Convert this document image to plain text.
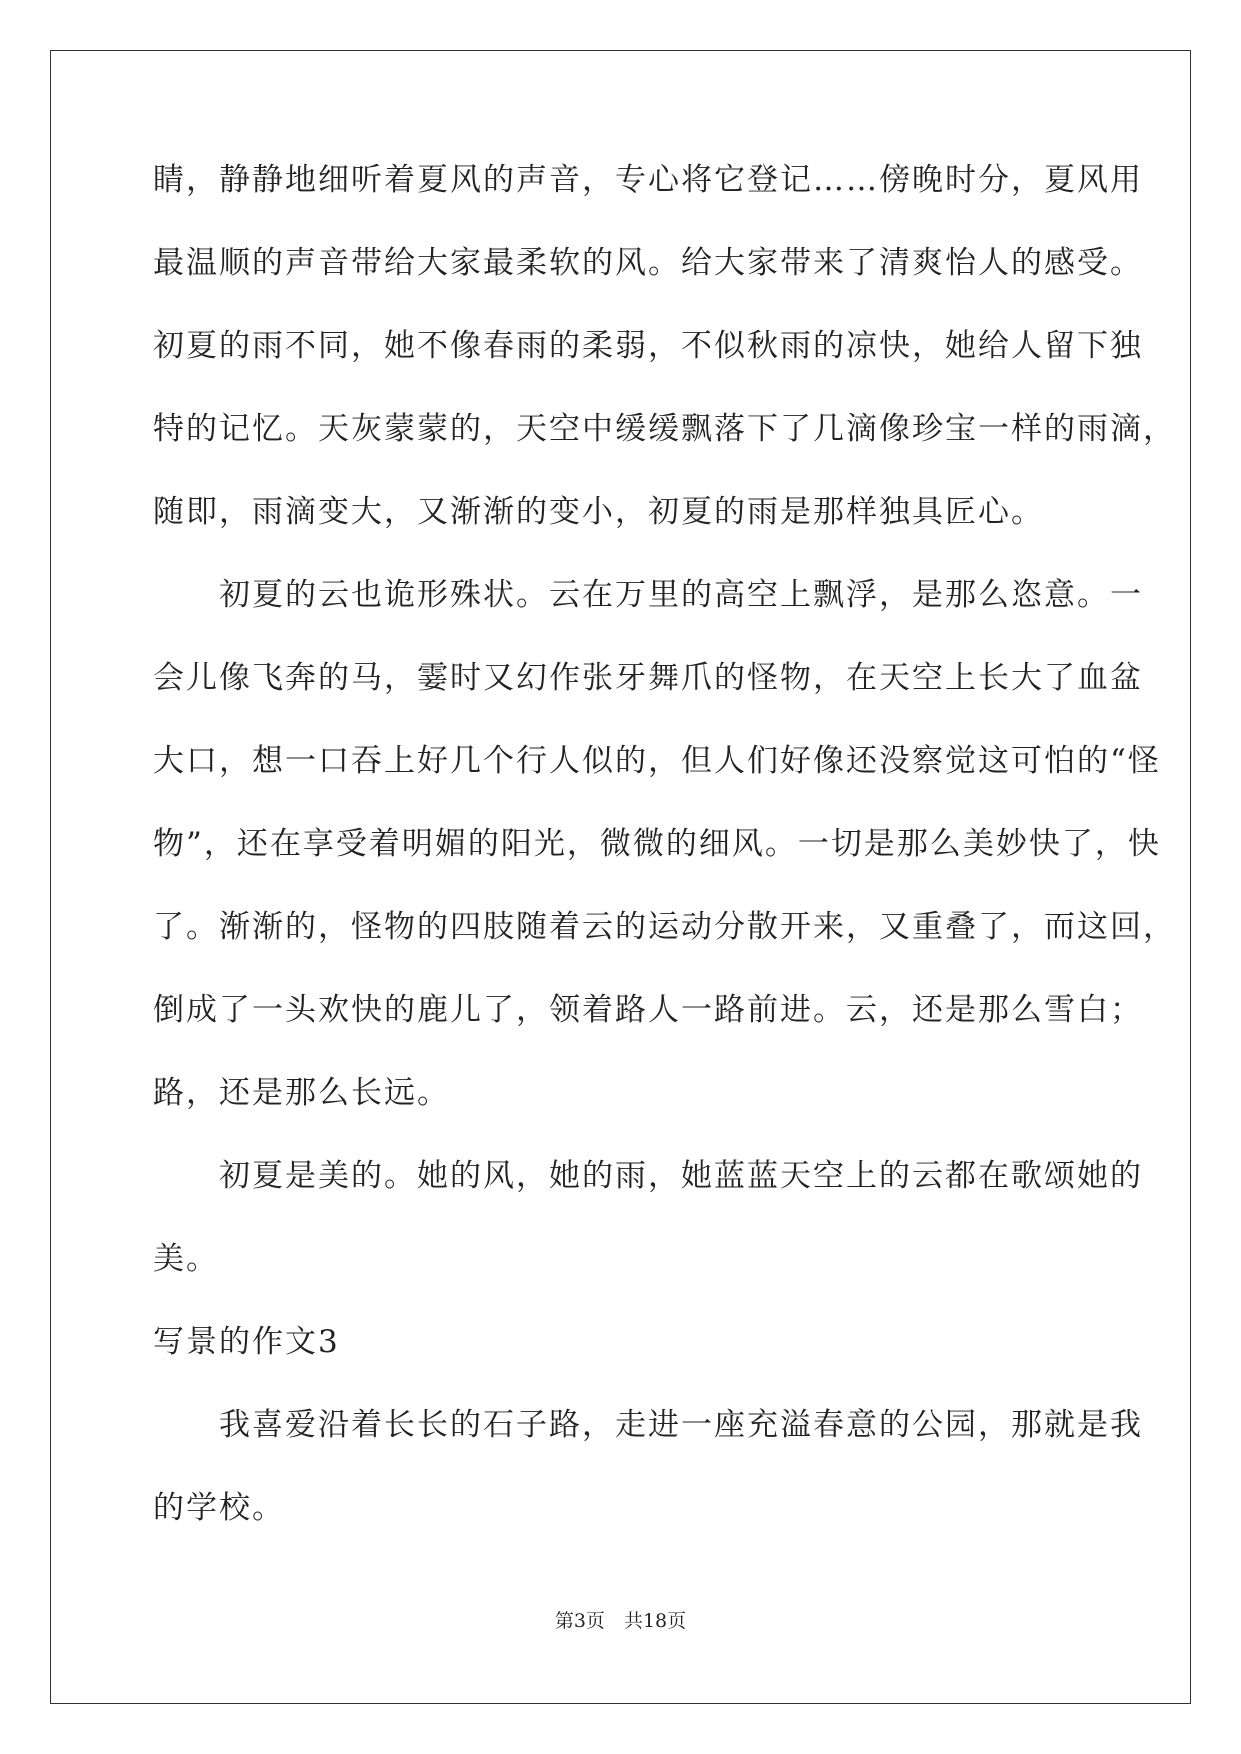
睛，静静地细听着夏风的声音，专心将它登记……傍晚时分，夏风用
最温顺的声音带给大家最柔软的风。给大家带来了清爽怡人的感受。
初夏的雨不同，她不像春雨的柔弱，不似秋雨的凉快，她给人留下独
特的记忆。天灰蒙蒙的，天空中缓缓飘落下了几滴像珍宝一样的雨滴，
随即，雨滴变大，又渐渐的变小，初夏的雨是那样独具匠心。
　　初夏的云也诡形殊状。云在万里的高空上飘浮，是那么恣意。一
会儿像飞奔的马，霎时又幻作张牙舞爪的怪物，在天空上长大了血盆
大口，想一口吞上好几个行人似的，但人们好像还没察觉这可怕的“怪
物”，还在享受着明媚的阳光，微微的细风。一切是那么美妙快了，快
了。渐渐的，怪物的四肢随着云的运动分散开来，又重叠了，而这回，
倒成了一头欢快的鹿儿了，领着路人一路前进。云，还是那么雪白；
路，还是那么长远。
　　初夏是美的。她的风，她的雨，她蓝蓝天空上的云都在歌颂她的
美。
写景的作文3
　　我喜爱沿着长长的石子路，走进一座充溢春意的公园，那就是我
的学校。
第3页　 共18页
